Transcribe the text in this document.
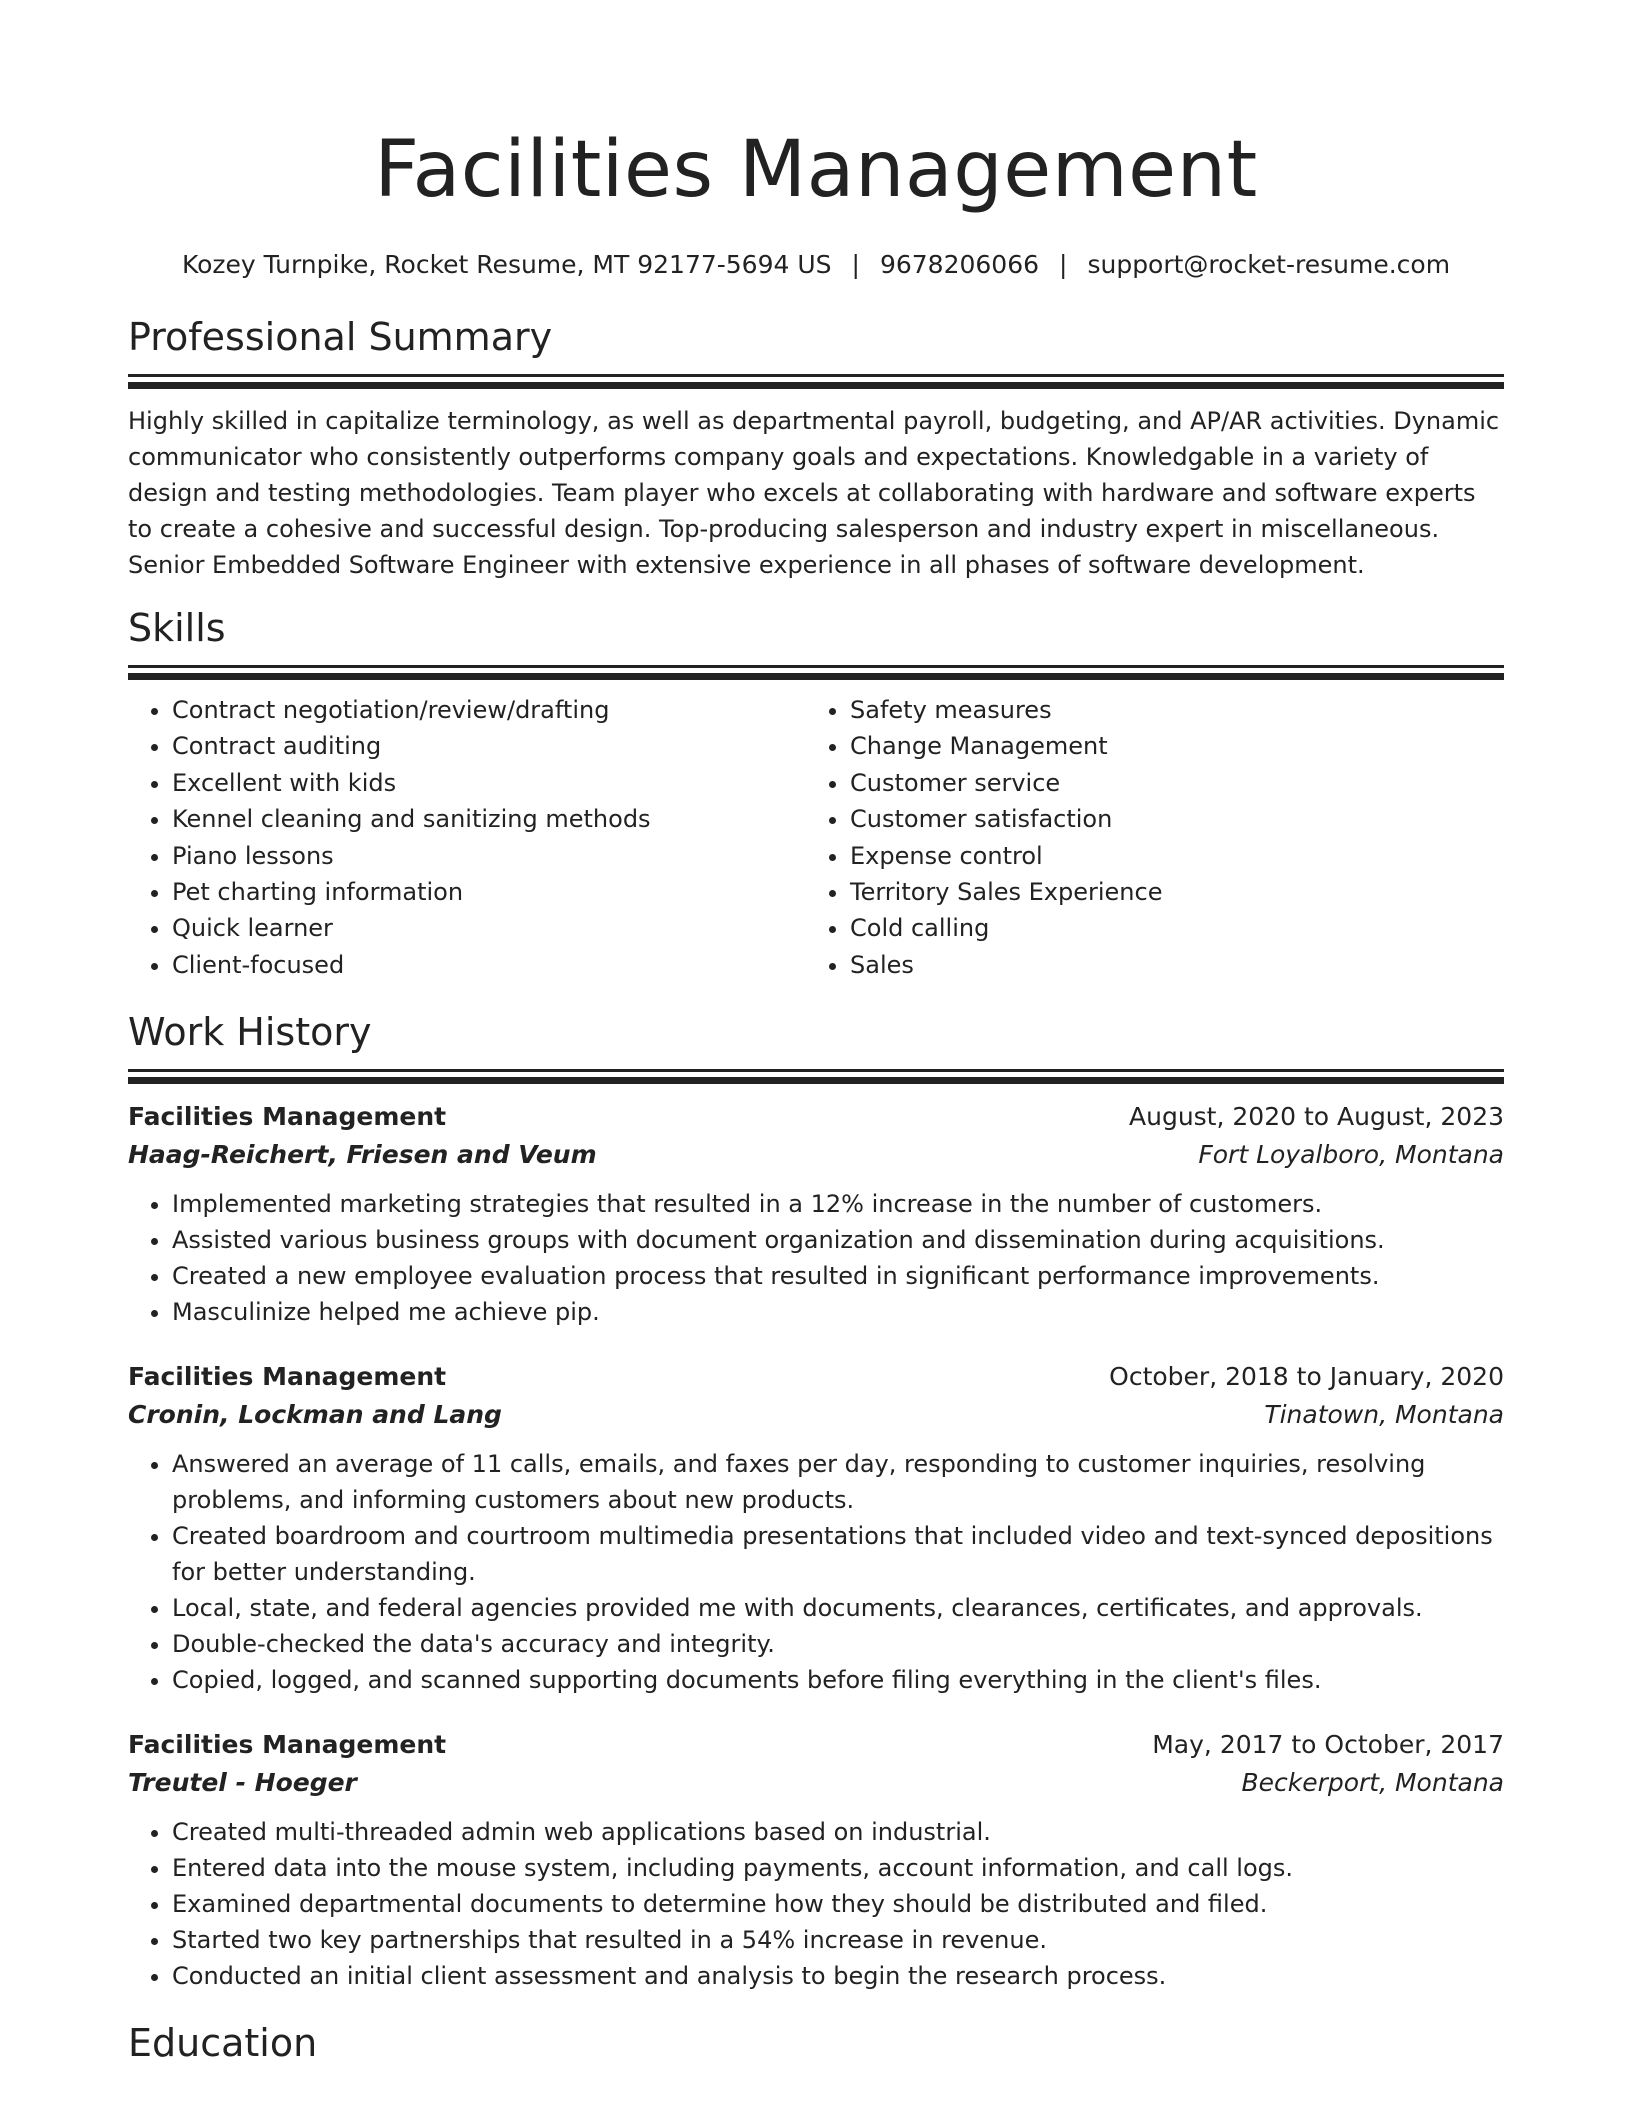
Facilities Management
Kozey Turnpike, Rocket Resume, MT 92177-5694 US | 9678206066 | support@rocket-resume.com
Professional Summary

Highly skilled in capitalize terminology, as well as departmental payroll, budgeting, and AP/AR activities. Dynamic communicator who consistently outperforms company goals and expectations. Knowledgable in a variety of design and testing methodologies. Team player who excels at collaborating with hardware and software experts to create a cohesive and successful design. Top-producing salesperson and industry expert in miscellaneous. Senior Embedded Software Engineer with extensive experience in all phases of software development.

Skills
• Contract negotiation/review/drafting
• Contract auditing
• Excellent with kids
• Kennel cleaning and sanitizing methods
• Piano lessons
• Pet charting information
• Quick learner
• Client-focused
• Safety measures
• Change Management
• Customer service
• Customer satisfaction
• Expense control
• Territory Sales Experience
• Cold calling
• Sales
Work History
Facilities Management	August, 2020 to August, 2023
Haag-Reichert, Friesen and Veum	Fort Loyalboro, Montana
• Implemented marketing strategies that resulted in a 12% increase in the number of customers.
• Assisted various business groups with document organization and dissemination during acquisitions.
• Created a new employee evaluation process that resulted in significant performance improvements.
• Masculinize helped me achieve pip.
Facilities Management	October, 2018 to January, 2020
Cronin, Lockman and Lang	Tinatown, Montana
• Answered an average of 11 calls, emails, and faxes per day, responding to customer inquiries, resolving problems, and informing customers about new products.
• Created boardroom and courtroom multimedia presentations that included video and text-synced depositions for better understanding.
• Local, state, and federal agencies provided me with documents, clearances, certificates, and approvals.
• Double-checked the data's accuracy and integrity.
• Copied, logged, and scanned supporting documents before filing everything in the client's files.
Facilities Management	May, 2017 to October, 2017
Treutel - Hoeger	Beckerport, Montana
• Created multi-threaded admin web applications based on industrial.
• Entered data into the mouse system, including payments, account information, and call logs.
• Examined departmental documents to determine how they should be distributed and filed.
• Started two key partnerships that resulted in a 54% increase in revenue.
• Conducted an initial client assessment and analysis to begin the research process.
Education
